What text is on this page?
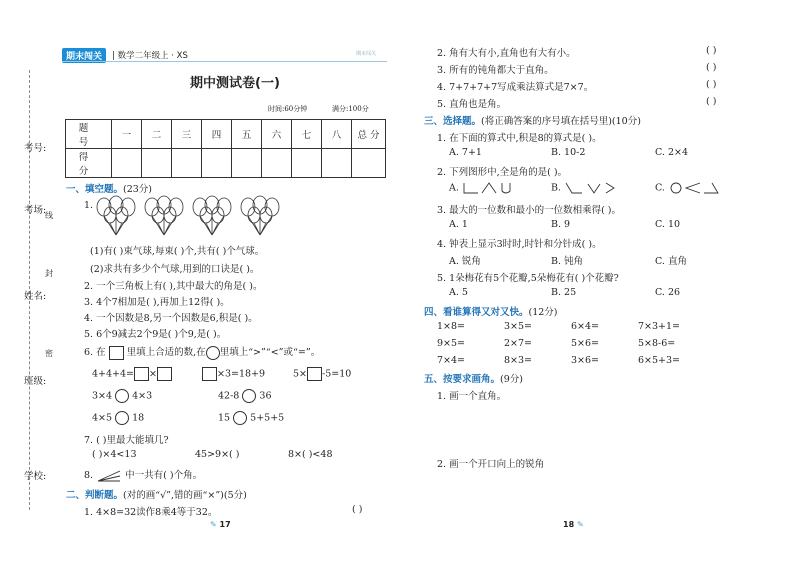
考号:
考场:
姓名:
班级:
学校:
线
封
密
期末闯关	| 数学二年级上 · XS	期末闯关
期中测试卷(一)
时间:60分钟	满分:100分
题 号	一	二	三	四	五	六	七	八	总 分
得 分									
一、填空题。(23分)
1.
(1)有( )束气球,每束( )个,共有( )个气球。
(2)求共有多少个气球,用到的口诀是( )。
2. 一个三角板上有( ),其中最大的角是( )。
3. 4个7相加是( ),再加上12得( )。
4. 一个因数是8,另一个因数是6,积是( )。
5. 6个9减去2个9是( )个9,是( )。
6. 在 里填上合适的数,在 里填上“>”“<”或“=”。
4+4+4= ×	×3=18+9	5× -5=10
3×4 4×3	42-8 36
4×5 18	15 5+5+5
7. ( )里最大能填几?
( )×4<13	45>9×( )	8×( )<48
8.	中一共有( )个角。
二、判断题。(对的画“√”,错的画“×”)(5分)
1. 4×8=32读作8乘4等于32。	( )
✎ 17
2. 角有大有小,直角也有大有小。	( )
3. 所有的钝角都大于直角。	( )
4. 7+7+7+7写成乘法算式是7×7。	( )
5. 直角也是角。	( )
三、选择题。(将正确答案的序号填在括号里)(10分)
1. 在下面的算式中,积是8的算式是( )。
A. 7+1	B. 10-2	C. 2×4
2. 下列图形中,全是角的是( )。
A.	B.	C.
3. 最大的一位数和最小的一位数相乘得( )。
A. 1	B. 9	C. 10
4. 钟表上显示3时时,时针和分针成( )。
A. 锐角	B. 钝角	C. 直角
5. 1朵梅花有5个花瓣,5朵梅花有( )个花瓣?
A. 5	B. 25	C. 26
四、看谁算得又对又快。(12分)
1×8=	3×5=	6×4=	7×3+1=
9×5=	2×7=	5×6=	5×8-6=
7×4=	8×3=	3×6=	6×5+3=
五、按要求画角。(9分)
1. 画一个直角。
2. 画一个开口向上的锐角
18 ✎
